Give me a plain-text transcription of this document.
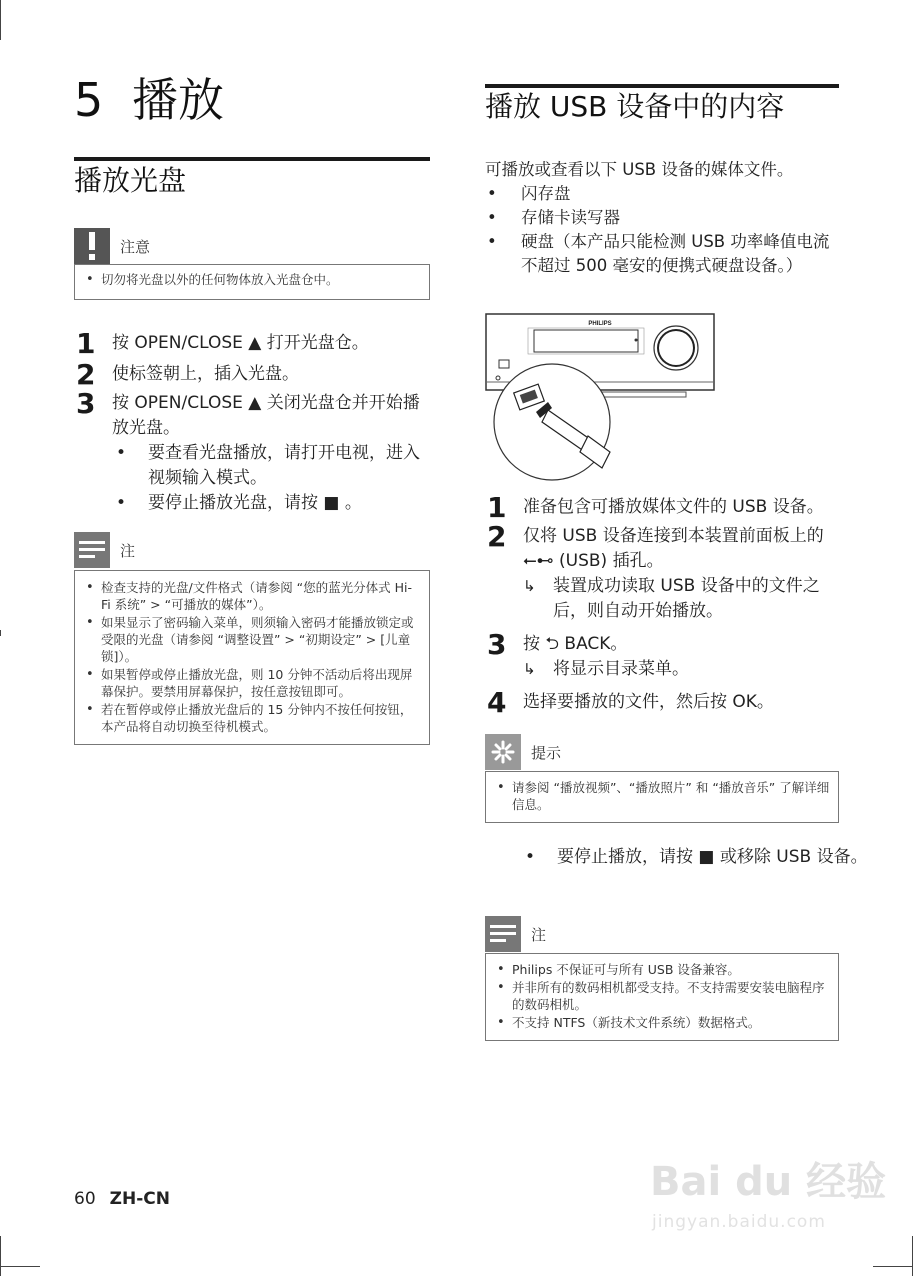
5 播放
播放光盘
注意
• 切勿将光盘以外的任何物体放入光盘仓中。
1 按 OPEN/CLOSE ▲ 打开光盘仓。
2 使标签朝上，插入光盘。
3 按 OPEN/CLOSE ▲ 关闭光盘仓并开始播放光盘。
• 要查看光盘播放，请打开电视，进入视频输入模式。
• 要停止播放光盘，请按 ■ 。
注
• 检查支持的光盘/文件格式（请参阅 “您的蓝光分体式 Hi-Fi 系统” > “可播放的媒体”）。
• 如果显示了密码输入菜单，则须输入密码才能播放锁定或受限的光盘（请参阅 “调整设置” > “初期设定” > [儿童锁]）。
• 如果暂停或停止播放光盘，则 10 分钟不活动后将出现屏幕保护。要禁用屏幕保护，按任意按钮即可。
• 若在暂停或停止播放光盘后的 15 分钟内不按任何按钮，本产品将自动切换至待机模式。
播放 USB 设备中的内容
可播放或查看以下 USB 设备的媒体文件。
• 闪存盘
• 存储卡读写器
• 硬盘（本产品只能检测 USB 功率峰值电流不超过 500 毫安的便携式硬盘设备。）
PHILIPS
1 准备包含可播放媒体文件的 USB 设备。
2 仅将 USB 设备连接到本装置前面板上的 ⭠⊷ (USB) 插孔。
↳ 装置成功读取 USB 设备中的文件之后，则自动开始播放。
3 按 ⮌ BACK。
↳ 将显示目录菜单。
4 选择要播放的文件，然后按 OK。
提示
• 请参阅 “播放视频”、“播放照片” 和 “播放音乐” 了解详细信息。
• 要停止播放，请按 ■ 或移除 USB 设备。
注
• Philips 不保证可与所有 USB 设备兼容。
• 并非所有的数码相机都受支持。不支持需要安装电脑程序的数码相机。
• 不支持 NTFS（新技术文件系统）数据格式。
60 ZH-CN	Bai du 经验
jingyan.baidu.com
